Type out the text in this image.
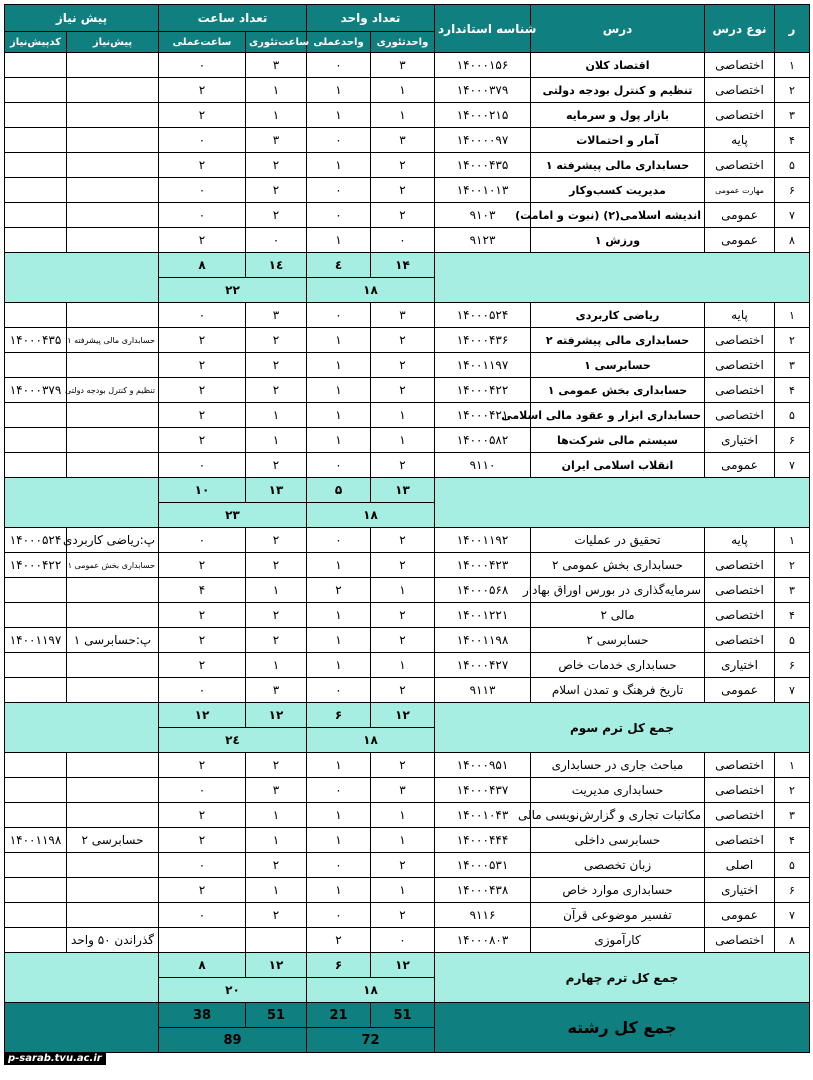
پیش نیاز		تعداد ساعت		تعداد واحد		شناسه استاندارد	درس	نوع درس	ر
کدپیش‌نیاز	پیش‌نیاز	ساعت‌عملی	ساعت‌تئوری	واحدعملی	واحدتئوری				
		۰	۳	۰	۳	۱۴۰۰۰۱۵۶	اقتصاد کلان	اختصاصی	۱
		۲	۱	۱	۱	۱۴۰۰۰۳۷۹	تنظیم و کنترل بودجه دولتی	اختصاصی	۲
		۲	۱	۱	۱	۱۴۰۰۰۲۱۵	بازار پول و سرمایه	اختصاصی	۳
		۰	۳	۰	۳	۱۴۰۰۰۰۹۷	آمار و احتمالات	پایه	۴
		۲	۲	۱	۲	۱۴۰۰۰۴۳۵	حسابداری مالی پیشرفته ۱	اختصاصی	۵
		۰	۲	۰	۲	۱۴۰۰۱۰۱۳	مدیریت کسب‌وکار	مهارت عمومی	۶
		۰	۲	۰	۲	۹۱۰۳	اندیشه اسلامی(۲) (نبوت و امامت)	عمومی	۷
		۲	۰	۱	۰	۹۱۲۳	ورزش ۱	عمومی	۸
		۸	۱٤	٤	۱۴				
		۲۲		۱۸					
		۰	۳	۰	۳	۱۴۰۰۰۵۲۴	ریاضی کاربردی	پایه	۱
۱۴۰۰۰۴۳۵	حسابداری مالی پیشرفته ۱	۲	۲	۱	۲	۱۴۰۰۰۴۳۶	حسابداری مالی پیشرفته ۲	اختصاصی	۲
		۲	۲	۱	۲	۱۴۰۰۱۱۹۷	حسابرسی ۱	اختصاصی	۳
۱۴۰۰۰۳۷۹	تنظیم و کنترل بودجه دولتی	۲	۲	۱	۲	۱۴۰۰۰۴۲۲	حسابداری بخش عمومی ۱	اختصاصی	۴
		۲	۱	۱	۱	۱۴۰۰۰۴۲۱	حسابداری ابزار و عقود مالی اسلامی	اختصاصی	۵
		۲	۱	۱	۱	۱۴۰۰۰۵۸۲	سیستم مالی شرکت‌ها	اختیاری	۶
		۰	۲	۰	۲	۹۱۱۰	انقلاب اسلامی ایران	عمومی	۷
		۱۰	۱۳	۵	۱۳				
		۲۳		۱۸					
۱۴۰۰۰۵۲۴	پ:ریاضی کاربردی	۰	۲	۰	۲	۱۴۰۰۱۱۹۲	تحقیق در عملیات	پایه	۱
۱۴۰۰۰۴۲۲	حسابداری بخش عمومی ۱	۲	۲	۱	۲	۱۴۰۰۰۴۲۳	حسابداری بخش عمومی ۲	اختصاصی	۲
		۴	۱	۲	۱	۱۴۰۰۰۵۶۸	سرمایه‌گذاری در بورس اوراق بهادار	اختصاصی	۳
		۲	۲	۱	۲	۱۴۰۰۱۲۲۱	مالی ۲	اختصاصی	۴
۱۴۰۰۱۱۹۷	پ:حسابرسی ۱	۲	۲	۱	۲	۱۴۰۰۱۱۹۸	حسابرسی ۲	اختصاصی	۵
		۲	۱	۱	۱	۱۴۰۰۰۴۲۷	حسابداری خدمات خاص	اختیاری	۶
		۰	۳	۰	۲	۹۱۱۳	تاریخ فرهنگ و تمدن اسلام	عمومی	۷
		۱۲	۱۲	۶	۱۲	جمع کل ترم سوم			
		۲٤		۱۸					
		۲	۲	۱	۲	۱۴۰۰۰۹۵۱	مباحث جاری در حسابداری	اختصاصی	۱
		۰	۳	۰	۳	۱۴۰۰۰۴۳۷	حسابداری مدیریت	اختصاصی	۲
		۲	۱	۱	۱	۱۴۰۰۱۰۴۳	مکاتبات تجاری و گزارش‌نویسی مالی	اختصاصی	۳
۱۴۰۰۱۱۹۸	حسابرسی ۲	۲	۱	۱	۱	۱۴۰۰۰۴۴۴	حسابرسی داخلی	اختصاصی	۴
		۰	۲	۰	۲	۱۴۰۰۰۵۳۱	زبان تخصصی	اصلی	۵
		۲	۱	۱	۱	۱۴۰۰۰۴۳۸	حسابداری موارد خاص	اختیاری	۶
		۰	۲	۰	۲	۹۱۱۶	تفسیر موضوعی قرآن	عمومی	۷
	گذراندن ۵۰ واحد			۲	۰	۱۴۰۰۰۸۰۳	کارآموزی	اختصاصی	۸
		۸	۱۲	۶	۱۲	جمع کل ترم چهارم			
		۲۰		۱۸					
		38	51	21	51	جمع کل رشته			
		89		72					
p-sarab.tvu.ac.ir
